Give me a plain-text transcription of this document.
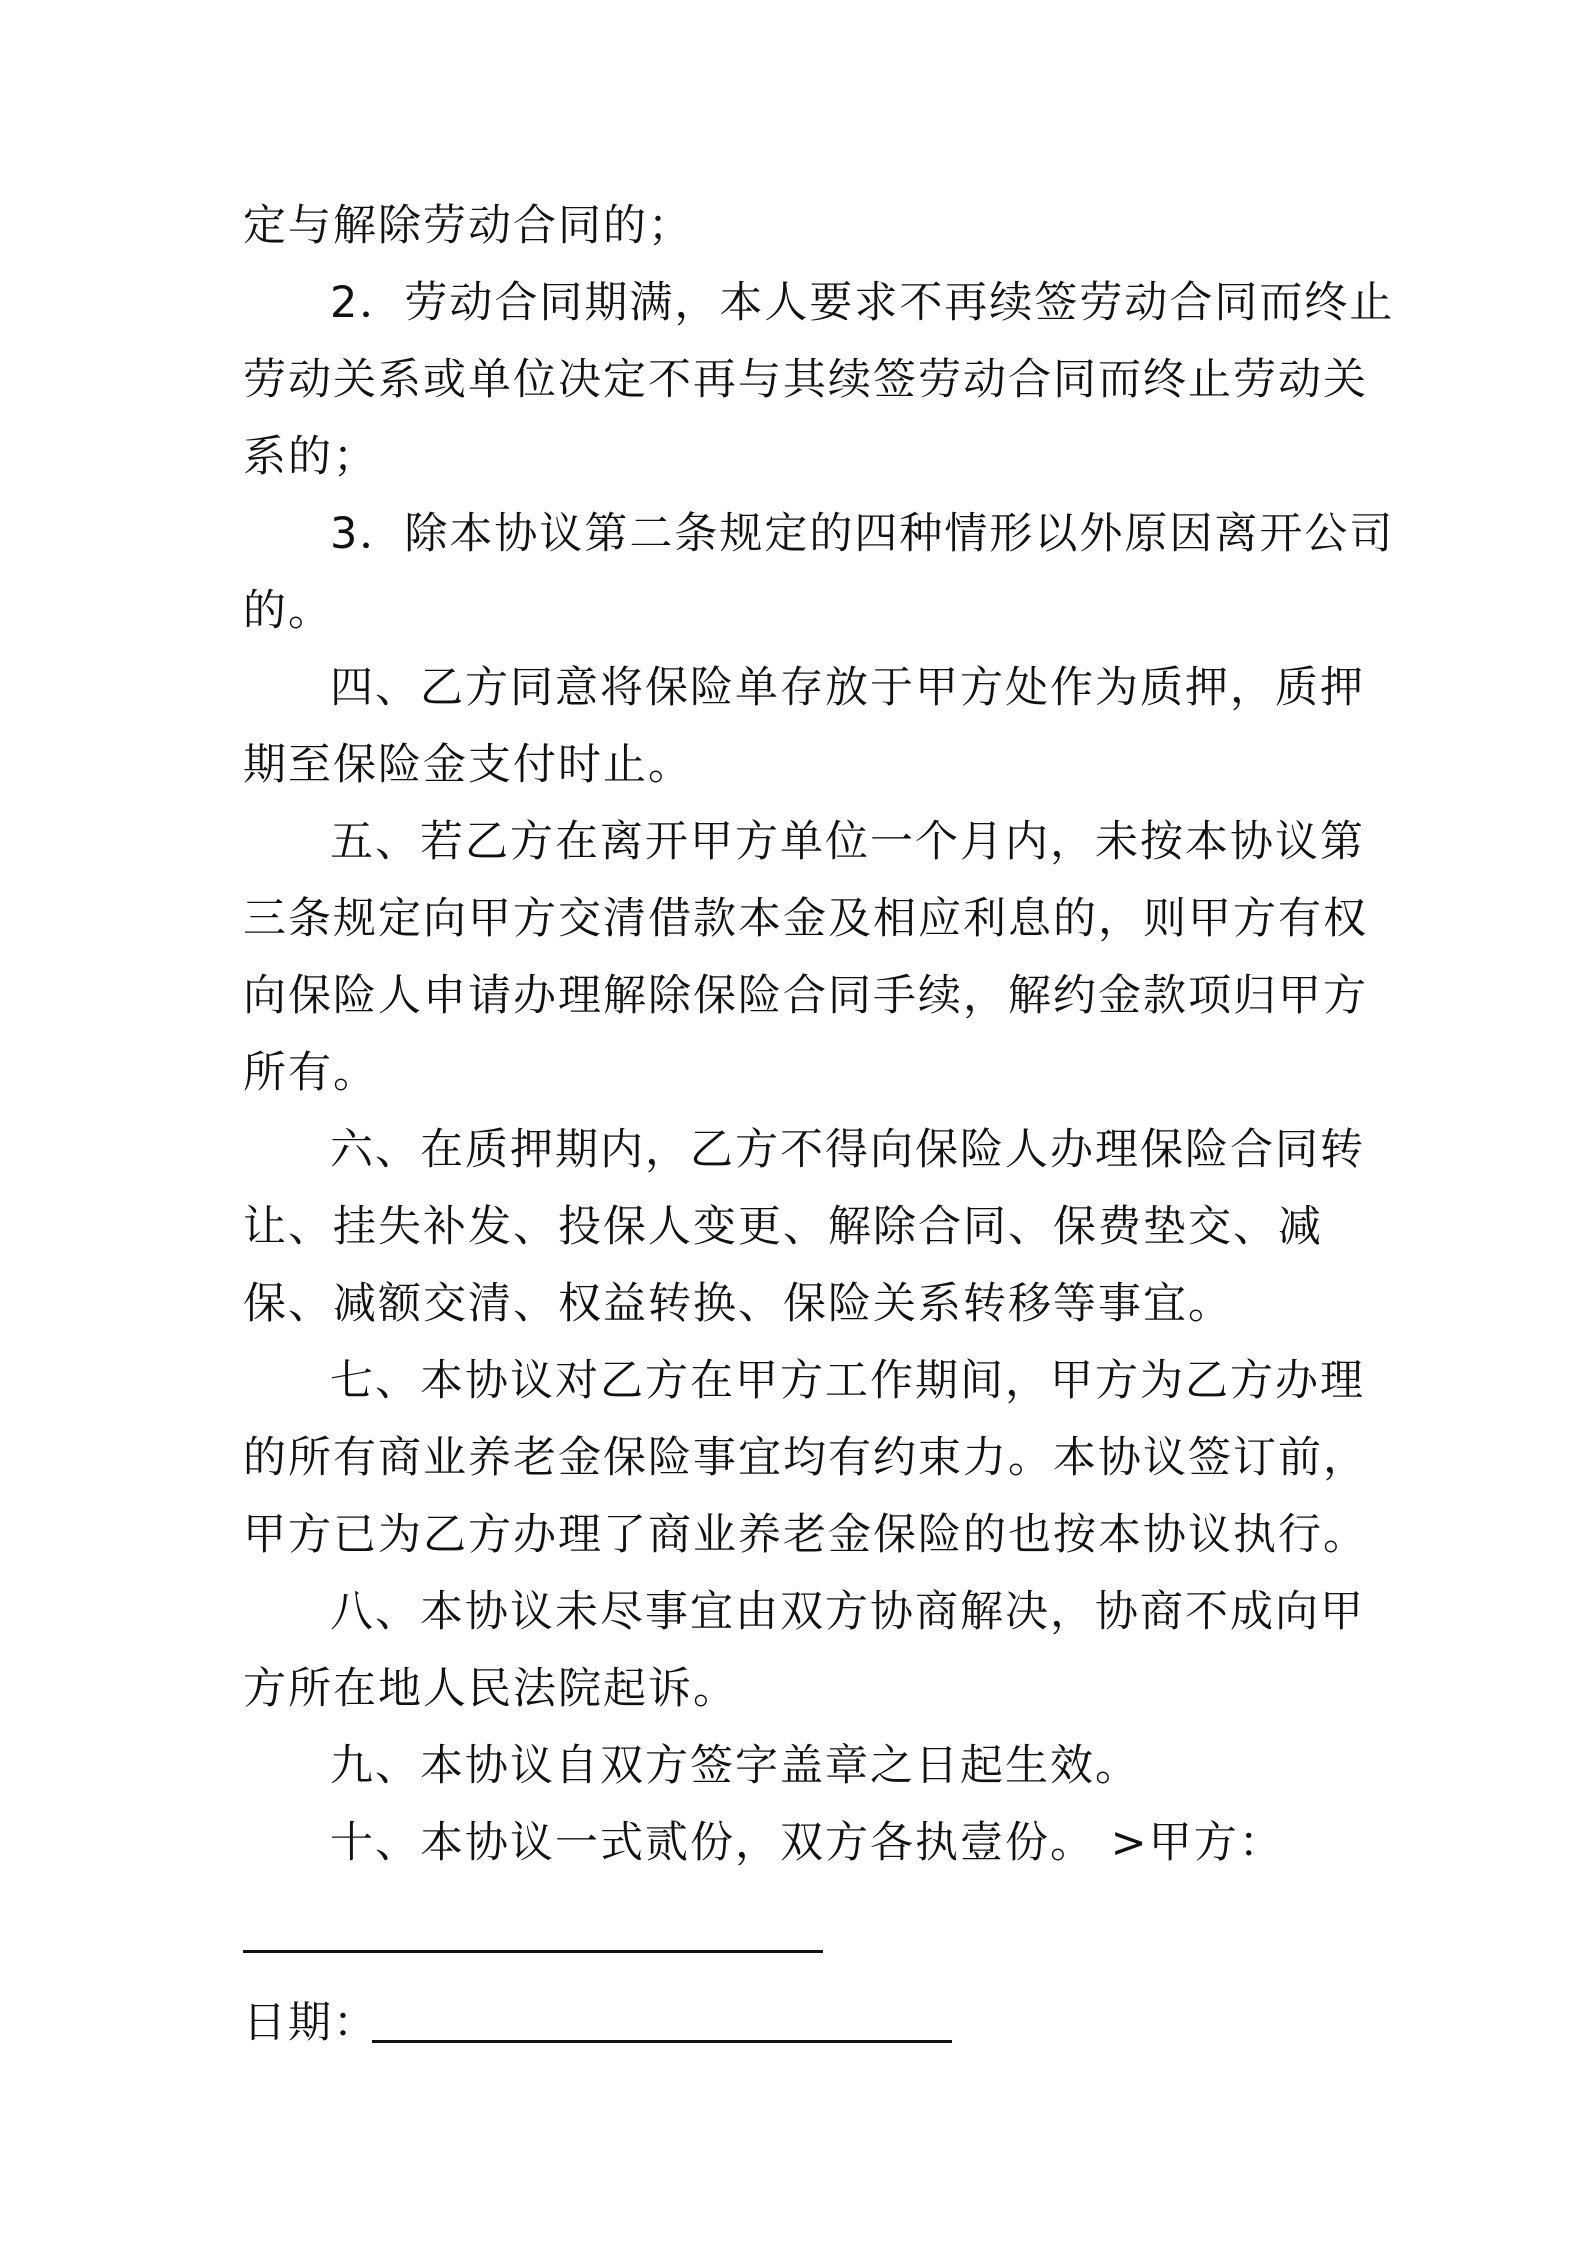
定与解除劳动合同的；
2．劳动合同期满，本人要求不再续签劳动合同而终止
劳动关系或单位决定不再与其续签劳动合同而终止劳动关
系的；
3．除本协议第二条规定的四种情形以外原因离开公司
的。
四、乙方同意将保险单存放于甲方处作为质押，质押
期至保险金支付时止。
五、若乙方在离开甲方单位一个月内，未按本协议第
三条规定向甲方交清借款本金及相应利息的，则甲方有权
向保险人申请办理解除保险合同手续，解约金款项归甲方
所有。
六、在质押期内，乙方不得向保险人办理保险合同转
让、挂失补发、投保人变更、解除合同、保费垫交、减
保、减额交清、权益转换、保险关系转移等事宜。
七、本协议对乙方在甲方工作期间，甲方为乙方办理
的所有商业养老金保险事宜均有约束力。本协议签订前，
甲方已为乙方办理了商业养老金保险的也按本协议执行。
八、本协议未尽事宜由双方协商解决，协商不成向甲
方所在地人民法院起诉。
九、本协议自双方签字盖章之日起生效。
十、本协议一式贰份，双方各执壹份。 >甲方：
日期：
